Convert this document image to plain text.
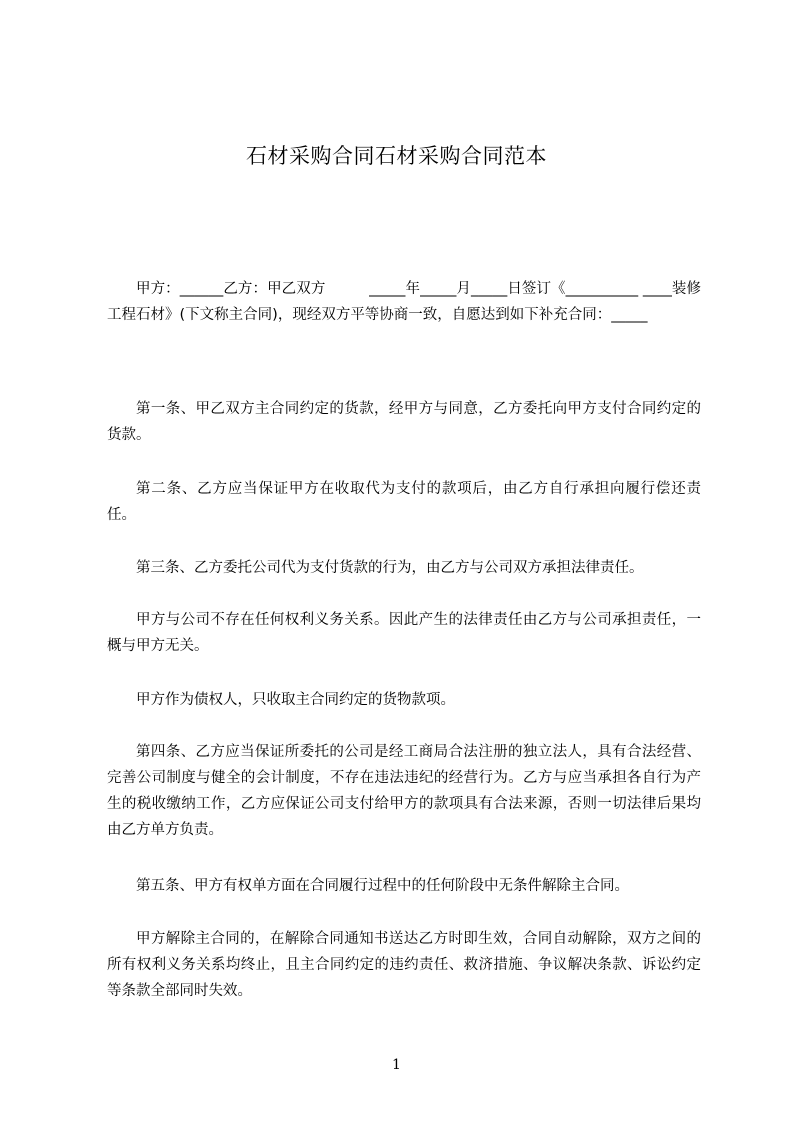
石材采购合同石材采购合同范本

甲方：______乙方：甲乙双方　　　_____年_____月_____日签订《__________ ____装修工程石材》(下文称主合同)，现经双方平等协商一致，自愿达到如下补充合同：_____

第一条、甲乙双方主合同约定的货款，经甲方与同意，乙方委托向甲方支付合同约定的货款。

第二条、乙方应当保证甲方在收取代为支付的款项后，由乙方自行承担向履行偿还责任。

第三条、乙方委托公司代为支付货款的行为，由乙方与公司双方承担法律责任。

甲方与公司不存在任何权利义务关系。因此产生的法律责任由乙方与公司承担责任，一概与甲方无关。

甲方作为债权人，只收取主合同约定的货物款项。

第四条、乙方应当保证所委托的公司是经工商局合法注册的独立法人，具有合法经营、完善公司制度与健全的会计制度，不存在违法违纪的经营行为。乙方与应当承担各自行为产生的税收缴纳工作，乙方应保证公司支付给甲方的款项具有合法来源，否则一切法律后果均由乙方单方负责。

第五条、甲方有权单方面在合同履行过程中的任何阶段中无条件解除主合同。

甲方解除主合同的，在解除合同通知书送达乙方时即生效，合同自动解除，双方之间的所有权利义务关系均终止，且主合同约定的违约责任、救济措施、争议解决条款、诉讼约定等条款全部同时失效。

1
